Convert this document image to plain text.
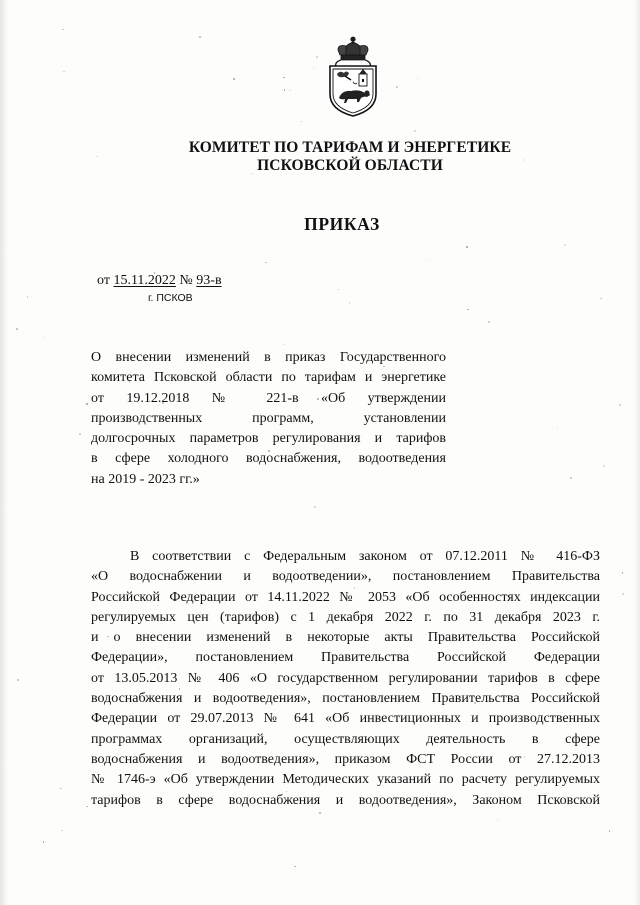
КОМИТЕТ ПО ТАРИФАМ И ЭНЕРГЕТИКЕ
ПСКОВСКОЙ ОБЛАСТИ
ПРИКАЗ
от 15.11.2022 № 93-в
г. ПСКОВ
О внесении изменений в приказ Государственного
комитета Псковской области по тарифам и энергетике
от 19.12.2018 № 221-в «Об утверждении
производственных программ, установлении
долгосрочных параметров регулирования и тарифов
в сфере холодного водоснабжения, водоотведения
на 2019 - 2023 гг.»
В соответствии с Федеральным законом от 07.12.2011 № 416-ФЗ
«О водоснабжении и водоотведении», постановлением Правительства
Российской Федерации от 14.11.2022 № 2053 «Об особенностях индексации
регулируемых цен (тарифов) с 1 декабря 2022 г. по 31 декабря 2023 г.
и о внесении изменений в некоторые акты Правительства Российской
Федерации», постановлением Правительства Российской Федерации
от 13.05.2013 № 406 «О государственном регулировании тарифов в сфере
водоснабжения и водоотведения», постановлением Правительства Российской
Федерации от 29.07.2013 № 641 «Об инвестиционных и производственных
программах организаций, осуществляющих деятельность в сфере
водоснабжения и водоотведения», приказом ФСТ России от 27.12.2013
№ 1746-э «Об утверждении Методических указаний по расчету регулируемых
тарифов в сфере водоснабжения и водоотведения», Законом Псковской
